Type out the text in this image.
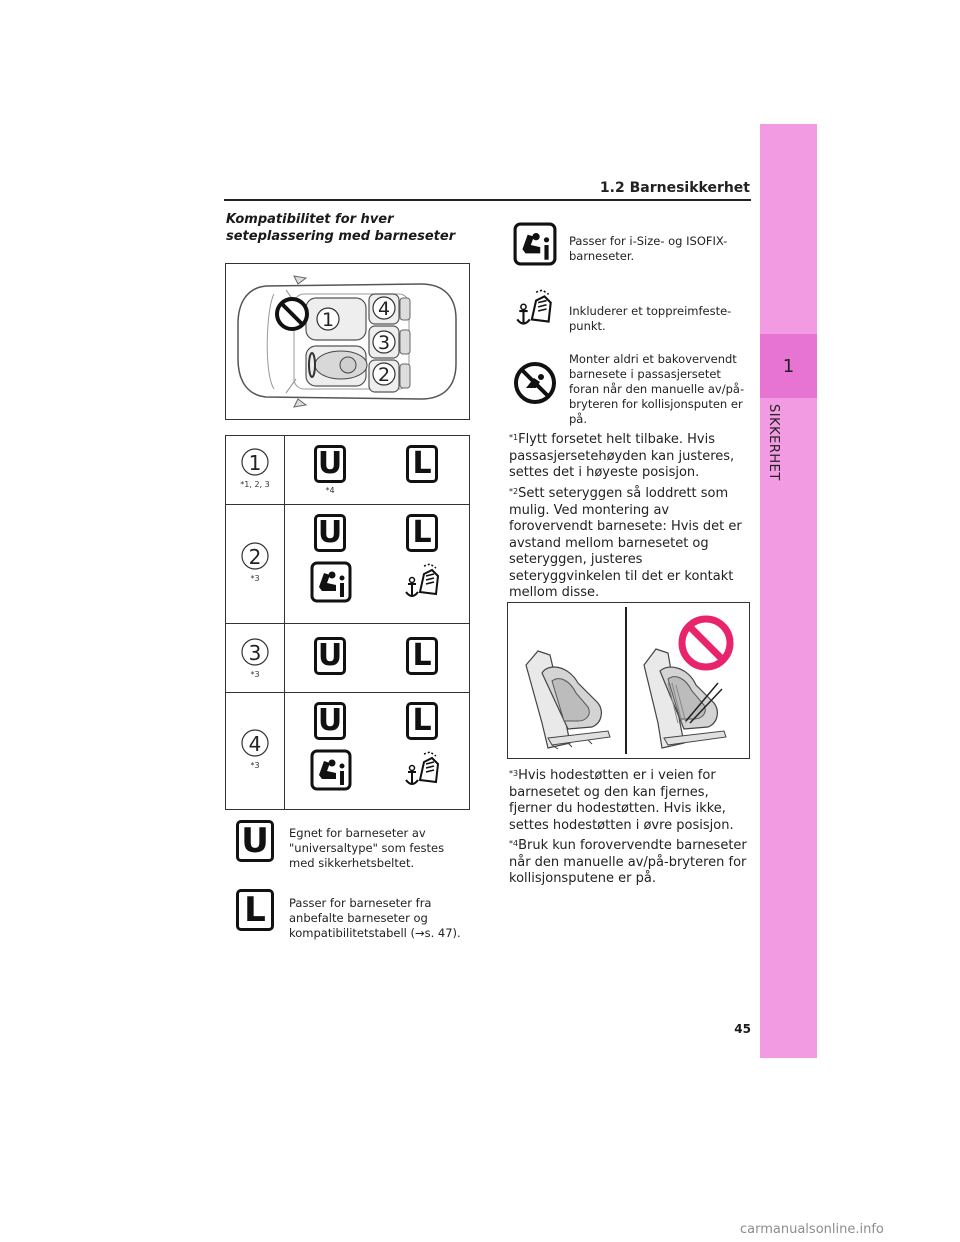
1
SIKKERHET
1.2 Barnesikkerhet
Kompatibilitet for hver seteplassering med barneseter
1
2
3
4
1
*1, 2, 3
U
*4
L
2
*3
U L
3
*3
U L
4
*3
U L
U	Egnet for barneseter av "universaltype" som festes med sikkerhetsbeltet.
L	Passer for barneseter fra anbefalte barneseter og kompatibilitetstabell (→s. 47).
Passer for i-Size- og ISOFIX-barneseter.
Inkluderer et toppreimfeste-punkt.
Monter aldri et bakovervendt barnesete i passasjersetet foran når den manuelle av/på-bryteren for kollisjonsputen er på.
$^{*1}$Flytt forsetet helt tilbake. Hvis passasjersetehøyden kan justeres, settes det i høyeste posisjon.
$^{*2}$Sett seteryggen så loddrett som mulig. Ved montering av forovervendt barnesete: Hvis det er avstand mellom barnesetet og seteryggen, justeres seteryggvinkelen til det er kontakt mellom disse.
$^{*3}$Hvis hodestøtten er i veien for barnesetet og den kan fjernes, fjerner du hodestøtten. Hvis ikke, settes hodestøtten i øvre posisjon.
$^{*4}$Bruk kun forovervendte barneseter når den manuelle av/på-bryteren for kollisjonsputene er på.
45
carmanualsonline.info
